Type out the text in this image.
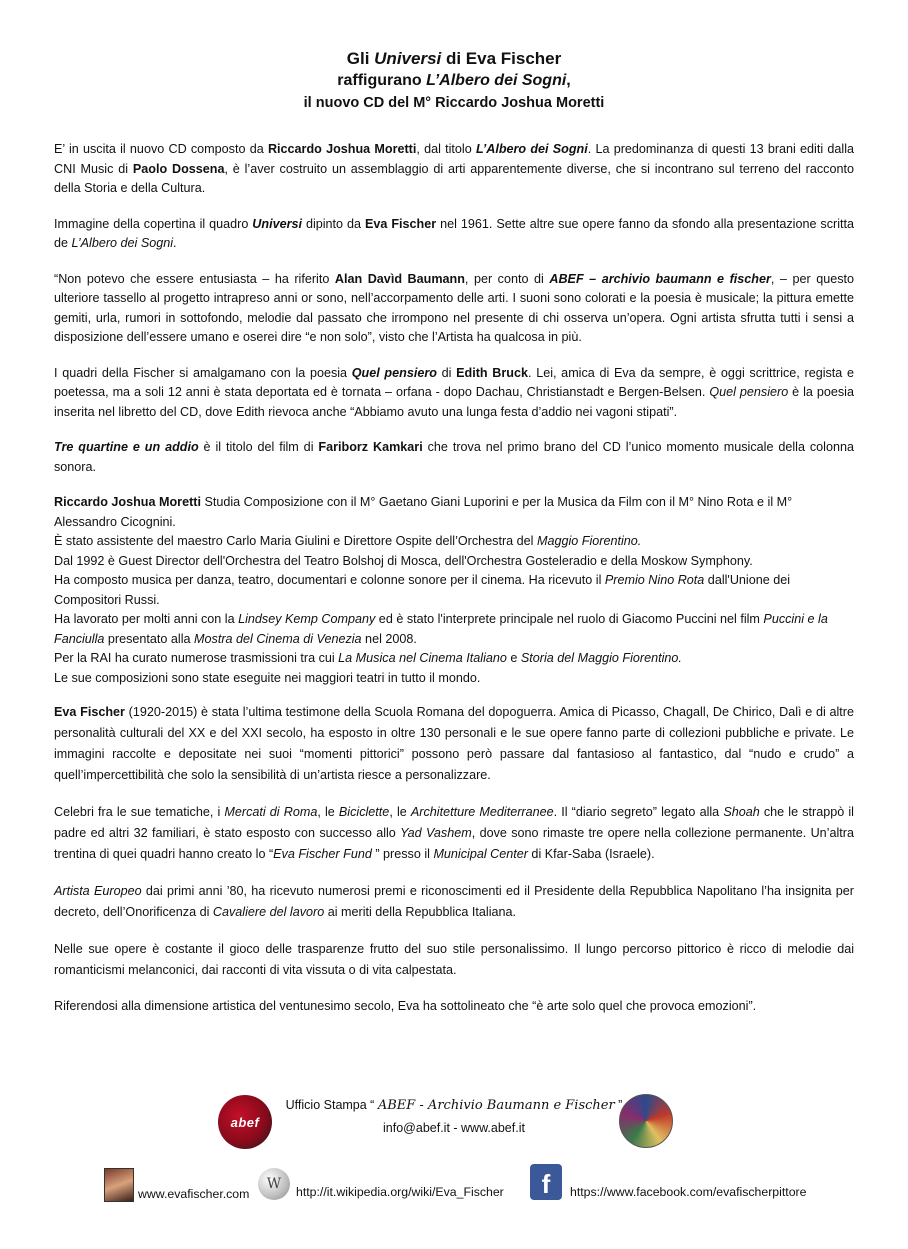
Gli Universi di Eva Fischer
raffigurano L’Albero dei Sogni,
il nuovo CD del M° Riccardo Joshua Moretti

E’ in uscita il nuovo CD composto da Riccardo Joshua Moretti, dal titolo L’Albero dei Sogni. La predominanza di questi 13 brani editi dalla CNI Music di Paolo Dossena, è l’aver costruito un assemblaggio di arti apparentemente diverse, che si incontrano sul terreno del racconto della Storia e della Cultura.

Immagine della copertina il quadro Universi dipinto da Eva Fischer nel 1961. Sette altre sue opere fanno da sfondo alla presentazione scritta de L’Albero dei Sogni.

“Non potevo che essere entusiasta – ha riferito Alan Davìd Baumann, per conto di ABEF – archivio baumann e fischer, – per questo ulteriore tassello al progetto intrapreso anni or sono, nell’accorpamento delle arti. I suoni sono colorati e la poesia è musicale; la pittura emette gemiti, urla, rumori in sottofondo, melodie dal passato che irrompono nel presente di chi osserva un’opera. Ogni artista sfrutta tutti i sensi a disposizione dell’essere umano e oserei dire “e non solo”, visto che l’Artista ha qualcosa in più.

I quadri della Fischer si amalgamano con la poesia Quel pensiero di Edith Bruck. Lei, amica di Eva da sempre, è oggi scrittrice, regista e poetessa, ma a soli 12 anni è stata deportata ed è tornata – orfana - dopo Dachau, Christianstadt e Bergen-Belsen. Quel pensiero è la poesia inserita nel libretto del CD, dove Edith rievoca anche “Abbiamo avuto una lunga festa d’addio nei vagoni stipati”.

Tre quartine e un addio è il titolo del film di Fariborz Kamkari che trova nel primo brano del CD l’unico momento musicale della colonna sonora.

Riccardo Joshua Moretti Studia Composizione con il M° Gaetano Giani Luporini e per la Musica da Film con il M° Nino Rota e il M° Alessandro Cicognini.
È stato assistente del maestro Carlo Maria Giulini e Direttore Ospite dell’Orchestra del Maggio Fiorentino.
Dal 1992 è Guest Director dell'Orchestra del Teatro Bolshoj di Mosca, dell'Orchestra Gosteleradio e della Moskow Symphony.
Ha composto musica per danza, teatro, documentari e colonne sonore per il cinema. Ha ricevuto il Premio Nino Rota dall'Unione dei Compositori Russi.
Ha lavorato per molti anni con la Lindsey Kemp Company ed è stato l'interprete principale nel ruolo di Giacomo Puccini nel film Puccini e la Fanciulla presentato alla Mostra del Cinema di Venezia nel 2008.
Per la RAI ha curato numerose trasmissioni tra cui La Musica nel Cinema Italiano e Storia del Maggio Fiorentino.
Le sue composizioni sono state eseguite nei maggiori teatri in tutto il mondo.

Eva Fischer (1920-2015) è stata l’ultima testimone della Scuola Romana del dopoguerra. Amica di Picasso, Chagall, De Chirico, Dalì e di altre personalità culturali del XX e del XXI secolo, ha esposto in oltre 130 personali e le sue opere fanno parte di collezioni pubbliche e private. Le immagini raccolte e depositate nei suoi “momenti pittorici” possono però passare dal fantasioso al fantastico, dal “nudo e crudo” a quell’impercettibilità che solo la sensibilità di un’artista riesce a personalizzare.

Celebri fra le sue tematiche, i Mercati di Roma, le Biciclette, le Architetture Mediterranee. Il “diario segreto” legato alla Shoah che le strappò il padre ed altri 32 familiari, è stato esposto con successo allo Yad Vashem, dove sono rimaste tre opere nella collezione permanente. Un’altra trentina di quei quadri hanno creato lo “Eva Fischer Fund ” presso il Municipal Center di Kfar-Saba (Israele).

Artista Europeo dai primi anni ’80, ha ricevuto numerosi premi e riconoscimenti ed il Presidente della Repubblica Napolitano l’ha insignita per decreto, dell’Onorificenza di Cavaliere del lavoro ai meriti della Repubblica Italiana.

Nelle sue opere è costante il gioco delle trasparenze frutto del suo stile personalissimo. Il lungo percorso pittorico è ricco di melodie dai romanticismi melanconici, dai racconti di vita vissuta o di vita calpestata.

Riferendosi alla dimensione artistica del ventunesimo secolo, Eva ha sottolineato che “è arte solo quel che provoca emozioni”.

abef
Ufficio Stampa “ ABEF - Archivio Baumann e Fischer ”
info@abef.it - www.abef.it
www.evafischer.com
W	http://it.wikipedia.org/wiki/Eva_Fischer	f	https://www.facebook.com/evafischerpittore
